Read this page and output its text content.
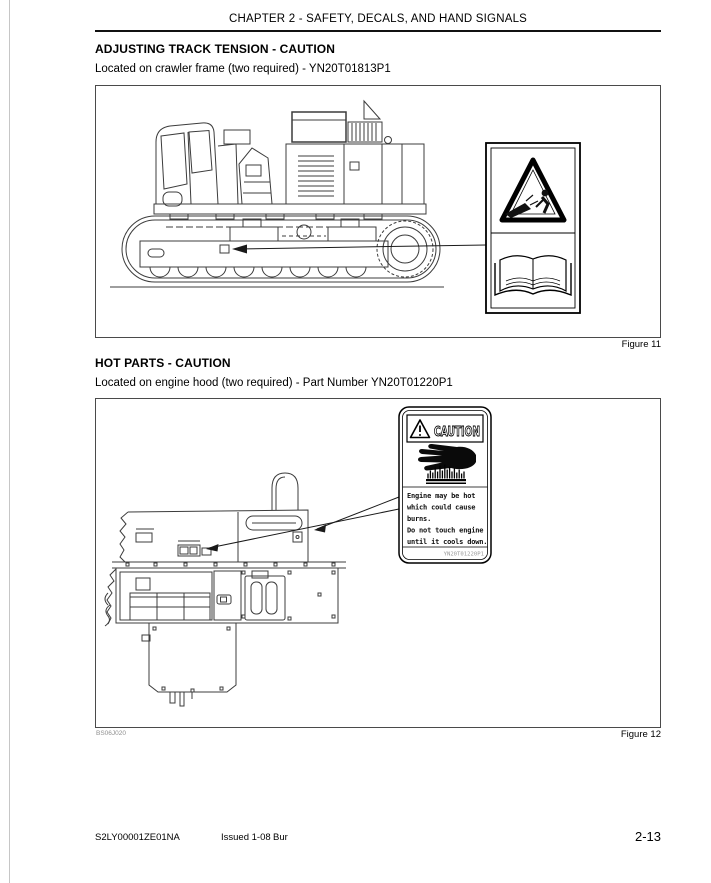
CHAPTER 2 - SAFETY, DECALS, AND HAND SIGNALS
ADJUSTING TRACK TENSION - CAUTION

Located on crawler frame (two required) - YN20T01813P1

Figure 11
HOT PARTS - CAUTION

Located on engine hood (two required) - Part Number YN20T01220P1

CAUTION
Engine may be hot
which could cause
burns.
Do not touch engine
until it cools down.
YN20T01220P1
BS06J020	Figure 12
S2LY00001ZE01NA	Issued 1-08 Bur	2-13
